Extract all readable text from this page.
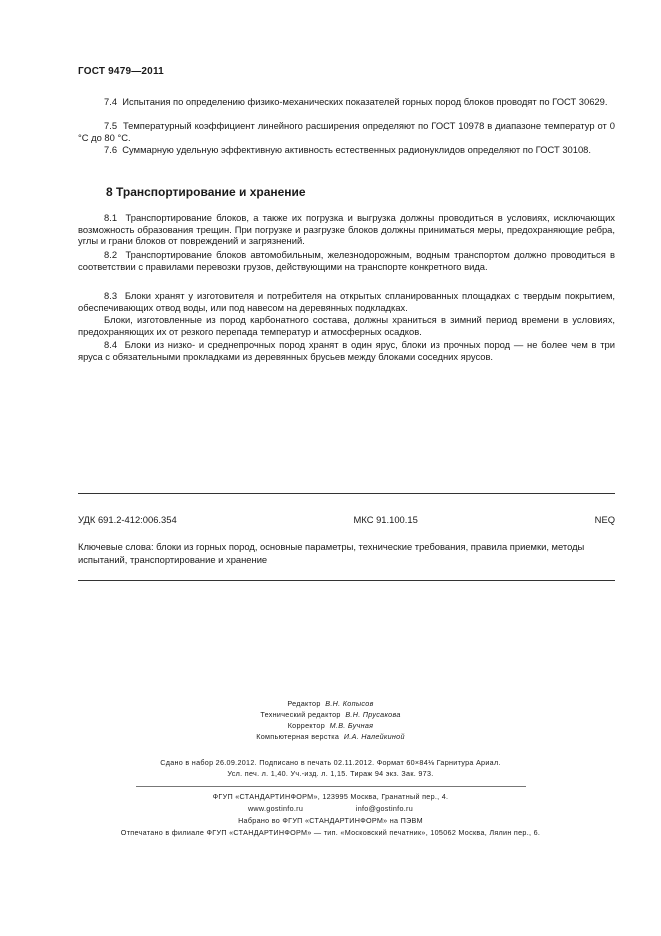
ГОСТ 9479—2011
7.4 Испытания по определению физико-механических показателей горных пород блоков проводят по ГОСТ 30629.
7.5 Температурный коэффициент линейного расширения определяют по ГОСТ 10978 в диапазоне температур от 0 °С до 80 °С.
7.6 Суммарную удельную эффективную активность естественных радионуклидов определяют по ГОСТ 30108.
8 Транспортирование и хранение
8.1 Транспортирование блоков, а также их погрузка и выгрузка должны проводиться в условиях, исключающих возможность образования трещин. При погрузке и разгрузке блоков должны приниматься меры, предохраняющие ребра, углы и грани блоков от повреждений и загрязнений.
8.2 Транспортирование блоков автомобильным, железнодорожным, водным транспортом должно проводиться в соответствии с правилами перевозки грузов, действующими на транспорте конкретного вида.
8.3 Блоки хранят у изготовителя и потребителя на открытых спланированных площадках с твердым покрытием, обеспечивающих отвод воды, или под навесом на деревянных подкладках.
Блоки, изготовленные из пород карбонатного состава, должны храниться в зимний период времени в условиях, предохраняющих их от резкого перепада температур и атмосферных осадков.
8.4 Блоки из низко- и среднепрочных пород хранят в один ярус, блоки из прочных пород — не более чем в три яруса с обязательными прокладками из деревянных брусьев между блоками соседних ярусов.
УДК 691.2-412:006.354	МКС 91.100.15	NEQ
Ключевые слова: блоки из горных пород, основные параметры, технические требования, правила приемки, методы испытаний, транспортирование и хранение
Редактор В.Н. Копысов
Технический редактор В.Н. Прусакова
Корректор М.В. Бучная
Компьютерная верстка И.А. Налейкиной
Сдано в набор 26.09.2012. Подписано в печать 02.11.2012. Формат 60×84⅛ Гарнитура Ариал.
Усл. печ. л. 1,40. Уч.-изд. л. 1,15. Тираж 94 экз. Зак. 973.
ФГУП «СТАНДАРТИНФОРМ», 123995 Москва, Гранатный пер., 4.
www.gostinfo.ru	info@gostinfo.ru
Набрано во ФГУП «СТАНДАРТИНФОРМ» на ПЭВМ
Отпечатано в филиале ФГУП «СТАНДАРТИНФОРМ» — тип. «Московский печатник», 105062 Москва, Лялин пер., 6.
